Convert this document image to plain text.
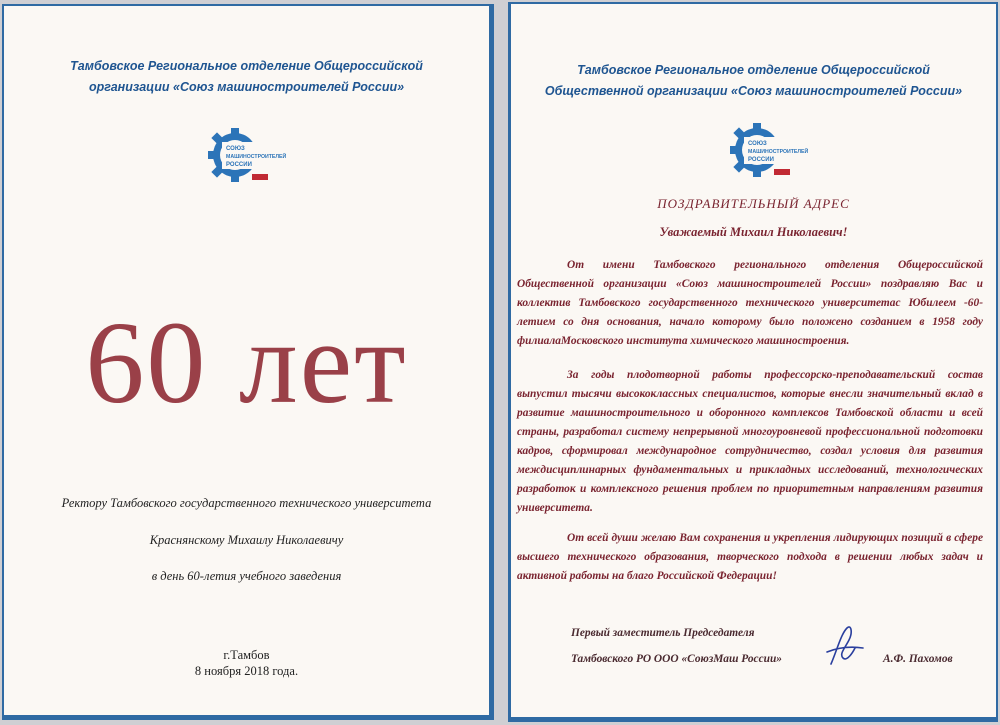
Тамбовское Региональное отделение Общероссийской
организации «Союз машиностроителей России»
СОЮЗ
МАШИНОСТРОИТЕЛЕЙ
РОССИИ
60 лет
Ректору Тамбовского государственного технического университета
Краснянскому Михаилу Николаевичу
в день 60-летия учебного заведения
г.Тамбов
8 ноября 2018 года.
Тамбовское Региональное отделение Общероссийской
Общественной организации «Союз машиностроителей России»
СОЮЗ
МАШИНОСТРОИТЕЛЕЙ
РОССИИ
ПОЗДРАВИТЕЛЬНЫЙ АДРЕС
Уважаемый Михаил Николаевич!

От имени Тамбовского регионального отделения Общероссийской Общественной организации «Союз машиностроителей России» поздравляю Вас и коллектив Тамбовского государственного технического университетас Юбилеем -60-летием со дня основания, начало которому было положено созданием в 1958 году филиалаМосковского института химического машиностроения.

За годы плодотворной работы профессорско-преподавательский состав выпустил тысячи высококлассных специалистов, которые внесли значительный вклад в развитие машиностроительного и оборонного комплексов Тамбовской области и всей страны, разработал систему непрерывной многоуровневой профессиональной подготовки кадров, сформировал международное сотрудничество, создал условия для развития междисциплинарных фундаментальных и прикладных исследований, технологических разработок и комплексного решения проблем по приоритетным направлениям развития университета.

От всей души желаю Вам сохранения и укрепления лидирующих позиций в сфере высшего технического образования, творческого подхода в решении любых задач и активной работы на благо Российской Федерации!

Первый заместитель Председателя
Тамбовского РО ООО «СоюзМаш России»	А.Ф. Пахомов
